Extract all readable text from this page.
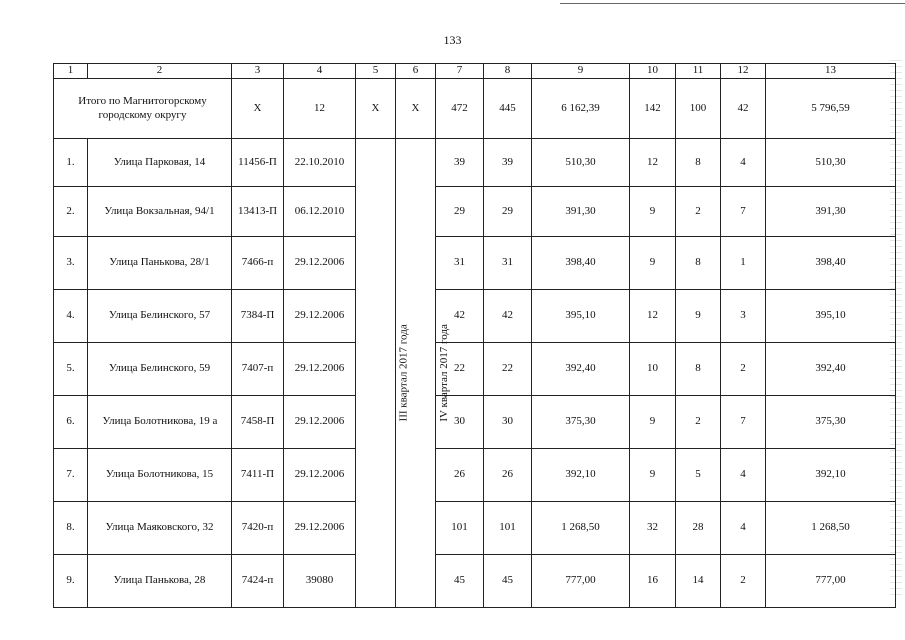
133
1	2	3	4	5	6	7	8	9	10	11	12	13
Итого по Магнитогорскому городскому округу		Х	12	Х	Х	472	445	6 162,39	142	100	42	5 796,59
1.	Улица Парковая, 14	11456-П	22.10.2010	III квартал 2017 года	IV квартал 2017 года	39	39	510,30	12	8	4	510,30
2.	Улица Вокзальная, 94/1	13413-П	06.12.2010			29	29	391,30	9	2	7	391,30
3.	Улица Панькова, 28/1	7466-п	29.12.2006			31	31	398,40	9	8	1	398,40
4.	Улица Белинского, 57	7384-П	29.12.2006			42	42	395,10	12	9	3	395,10
5.	Улица Белинского, 59	7407-п	29.12.2006			22	22	392,40	10	8	2	392,40
6.	Улица Болотникова, 19 а	7458-П	29.12.2006			30	30	375,30	9	2	7	375,30
7.	Улица Болотникова, 15	7411-П	29.12.2006			26	26	392,10	9	5	4	392,10
8.	Улица Маяковского, 32	7420-п	29.12.2006			101	101	1 268,50	32	28	4	1 268,50
9.	Улица Панькова, 28	7424-п	39080			45	45	777,00	16	14	2	777,00
